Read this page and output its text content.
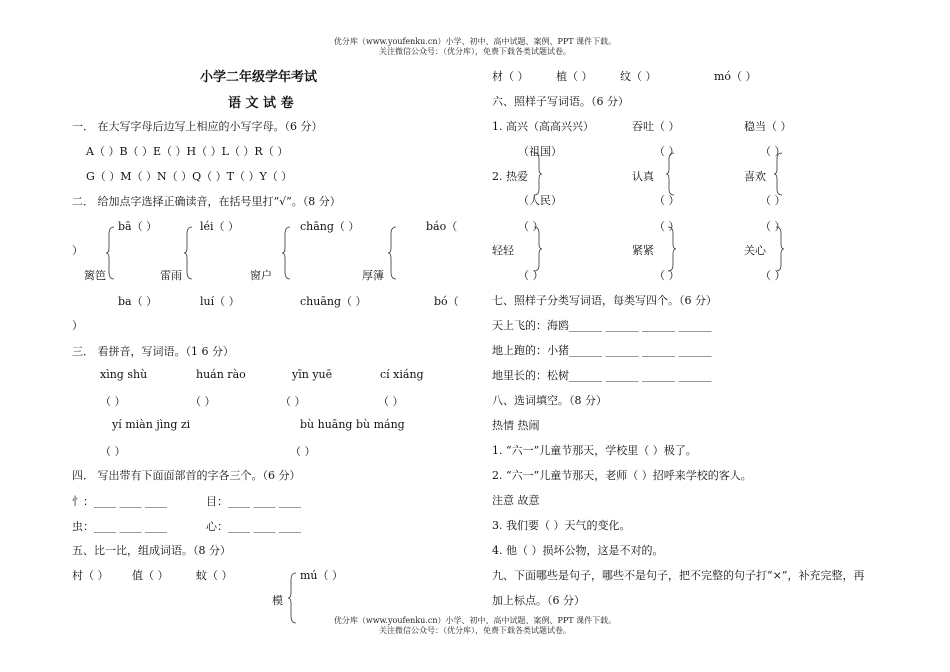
优分库（www.youfenku.cn）小学、初中、高中试题、案例、PPT 课件下载。
关注微信公众号：（优分库），免费下载各类试题试卷。
优分库（www.youfenku.cn）小学、初中、高中试题、案例、PPT 课件下载。
关注微信公众号：（优分库），免费下载各类试题试卷。
小学二年级学年考试
语 文 试 卷
一． 在大写字母后边写上相应的小写字母。（6 分）
A（ ）B（ ）E（ ）H（ ）L（ ）R（ ）
G（ ）M（ ）N（ ）Q（ ）T（ ）Y（ ）
二． 给加点字选择正确读音，在括号里打“√”。（8 分）
bā（ ）	léi（ ）	chāng（ ）	báo（
）
篱笆	雷雨	窗户	厚簿
ba（ ）	luí（ ）	chuāng（ ）	bó（
）
三． 看拼音，写词语。（1 6 分）
xìng shù	huán rào	yīn yuē	cí xiáng
（ ）	（ ）	（ ）	（ ）
yí miàn jìng zi	bù huāng bù máng
（ ）	（ ）
四． 写出带有下面面部首的字各三个。（6 分）
忄：____ ____ ____	目：____ ____ ____
虫：____ ____ ____	心：____ ____ ____
五、比一比，组成词语。（8 分）
村（ ） 值（ ）	蚊（ ）	mú（ ）
模
材（ ）	植（ ）	纹（ ）	mó（ ）
六、照样子写词语。（6 分）
1. 高兴（高高兴兴）	吞吐（ ）	稳当（ ）
（祖国）	（ ）	（ ）
2. 热爱	认真	喜欢
（人民）	（ ）	（ ）
（ ）	（ ）	（ ）
轻轻	紧紧	关心
（ ）	（ ）	（ ）
七、照样子分类写词语，每类写四个。（6 分）
天上飞的：海鸥______ ______ ______ ______
地上跑的：小猪______ ______ ______ ______
地里长的：松树______ ______ ______ ______
八、选词填空。（8 分）
热情 热闹
1. “六一”儿童节那天，学校里（ ）极了。
2. “六一”儿童节那天，老师（ ）招呼来学校的客人。
注意 故意
3. 我们要（ ）天气的变化。
4. 他（ ）损坏公物，这是不对的。
九、下面哪些是句子，哪些不是句子，把不完整的句子打“×”，补充完整，再
加上标点。（6 分）
